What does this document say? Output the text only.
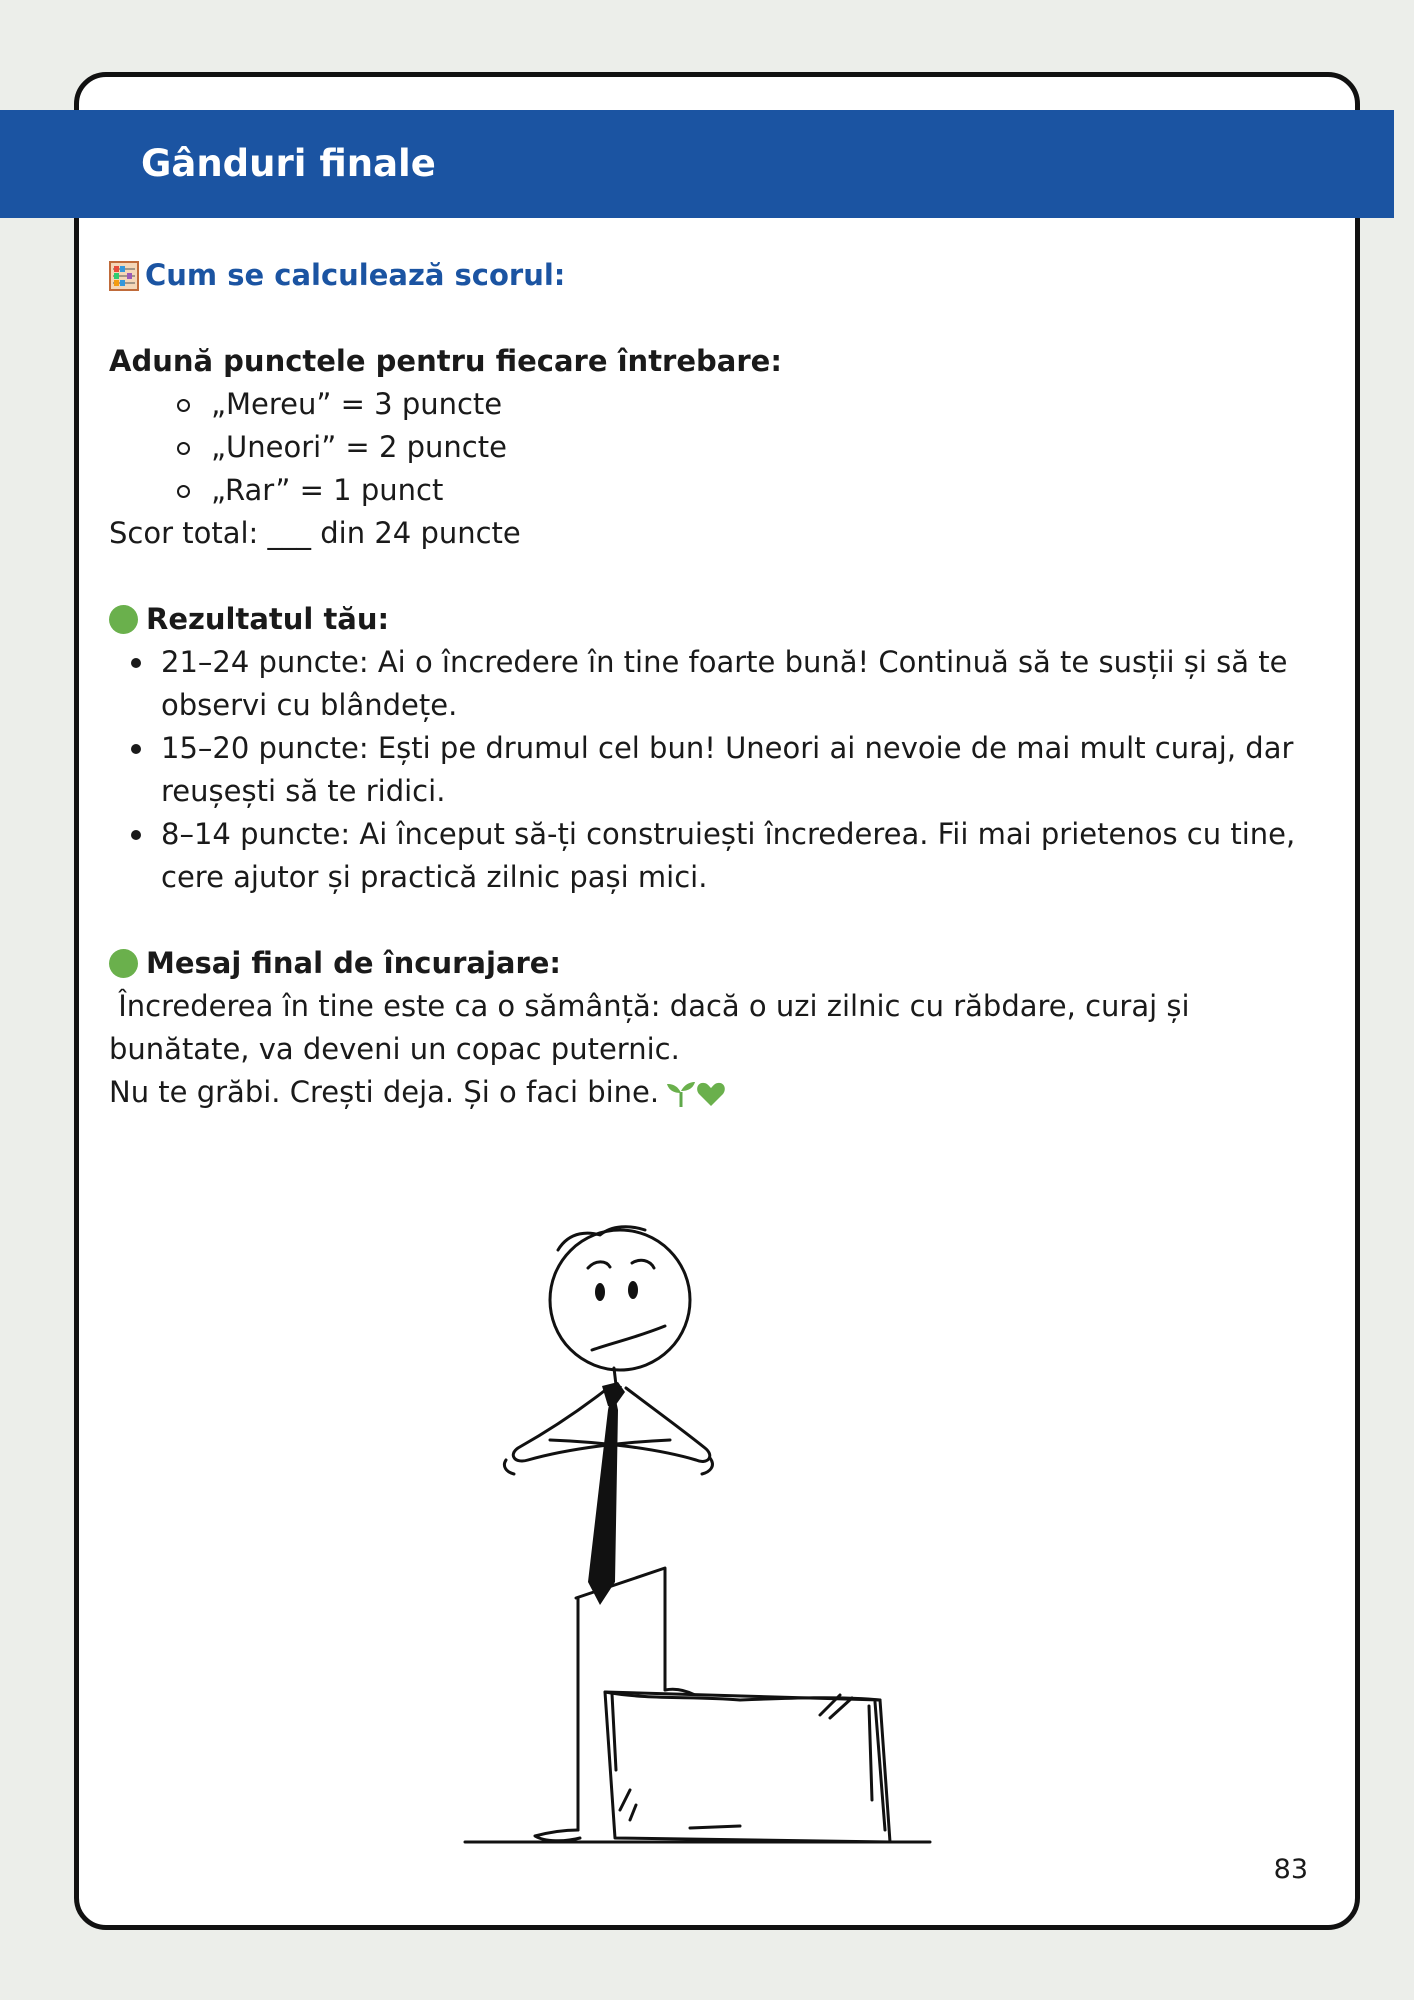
Gânduri finale
Cum se calculează scorul:
Adună punctele pentru fiecare întrebare:
„Mereu” = 3 puncte
„Uneori” = 2 puncte
„Rar” = 1 punct
Scor total: ___ din 24 puncte
Rezultatul tău:
21–24 puncte: Ai o încredere în tine foarte bună! Continuă să te susții și să te observi cu blândețe.
15–20 puncte: Ești pe drumul cel bun! Uneori ai nevoie de mai mult curaj, dar reușești să te ridici.
8–14 puncte: Ai început să-ți construiești încrederea. Fii mai prietenos cu tine, cere ajutor și practică zilnic pași mici.
Mesaj final de încurajare:
Încrederea în tine este ca o sămânță: dacă o uzi zilnic cu răbdare, curaj și bunătate, va deveni un copac puternic.
Nu te grăbi. Crești deja. Și o faci bine.
83
